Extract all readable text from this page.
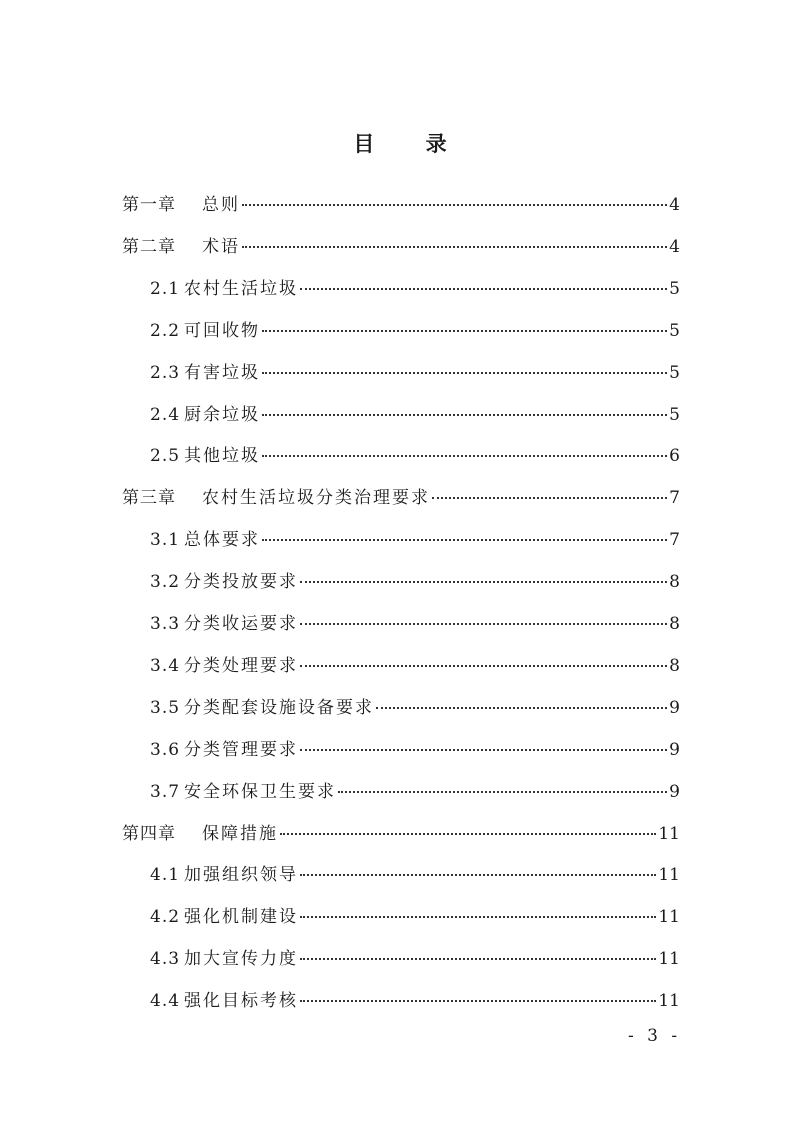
目 录
第一章 总则	4
第二章 术语	4
2.1 农村生活垃圾	5
2.2 可回收物	5
2.3 有害垃圾	5
2.4 厨余垃圾	5
2.5 其他垃圾	6
第三章 农村生活垃圾分类治理要求	7
3.1 总体要求	7
3.2 分类投放要求	8
3.3 分类收运要求	8
3.4 分类处理要求	8
3.5 分类配套设施设备要求	9
3.6 分类管理要求	9
3.7 安全环保卫生要求	9
第四章 保障措施	11
4.1 加强组织领导	11
4.2 强化机制建设	11
4.3 加大宣传力度	11
4.4 强化目标考核	11
- 3 -
